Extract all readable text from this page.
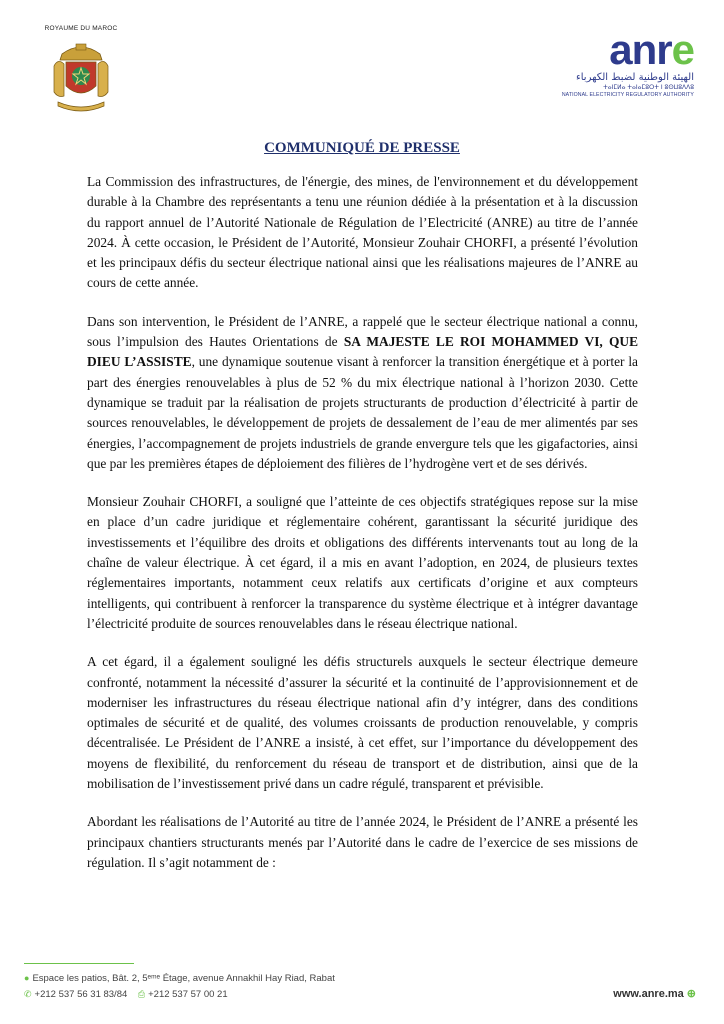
ROYAUME DU MAROC	anre
الهيئة الوطنية لضبط الكهرباء
ⵜⴰⵏⵎⵍⴰ ⵜⴰⵏⴰⵎⵓⵔⵜ ⵏ ⵓⵙⵡⵓⴷⴷⵓ
NATIONAL ELECTRICITY REGULATORY AUTHORITY
COMMUNIQUÉ DE PRESSE

La Commission des infrastructures, de l'énergie, des mines, de l'environnement et du développement durable à la Chambre des représentants a tenu une réunion dédiée à la présentation et à la discussion du rapport annuel de l’Autorité Nationale de Régulation de l’Electricité (ANRE) au titre de l’année 2024. À cette occasion, le Président de l’Autorité, Monsieur Zouhair CHORFI, a présenté l’évolution et les principaux défis du secteur électrique national ainsi que les réalisations majeures de l’ANRE au cours de cette année.

Dans son intervention, le Président de l’ANRE, a rappelé que le secteur électrique national a connu, sous l’impulsion des Hautes Orientations de SA MAJESTE LE ROI MOHAMMED VI, QUE DIEU L’ASSISTE, une dynamique soutenue visant à renforcer la transition énergétique et à porter la part des énergies renouvelables à plus de 52 % du mix électrique national à l’horizon 2030. Cette dynamique se traduit par la réalisation de projets structurants de production d’électricité à partir de sources renouvelables, le développement de projets de dessalement de l’eau de mer alimentés par ses énergies, l’accompagnement de projets industriels de grande envergure tels que les gigafactories, ainsi que par les premières étapes de déploiement des filières de l’hydrogène vert et de ses dérivés.

Monsieur Zouhair CHORFI, a souligné que l’atteinte de ces objectifs stratégiques repose sur la mise en place d’un cadre juridique et réglementaire cohérent, garantissant la sécurité juridique des investissements et l’équilibre des droits et obligations des différents intervenants tout au long de la chaîne de valeur électrique. À cet égard, il a mis en avant l’adoption, en 2024, de plusieurs textes réglementaires importants, notamment ceux relatifs aux certificats d’origine et aux compteurs intelligents, qui contribuent à renforcer la transparence du système électrique et à intégrer davantage l’électricité produite de sources renouvelables dans le réseau électrique national.

A cet égard, il a également souligné les défis structurels auxquels le secteur électrique demeure confronté, notamment la nécessité d’assurer la sécurité et la continuité de l’approvisionnement et de moderniser les infrastructures du réseau électrique national afin d’y intégrer, dans des conditions optimales de sécurité et de qualité, des volumes croissants de production renouvelable, y compris décentralisée. Le Président de l’ANRE a insisté, à cet effet, sur l’importance du développement des moyens de flexibilité, du renforcement du réseau de transport et de distribution, ainsi que de la mobilisation de l’investissement privé dans un cadre régulé, transparent et prévisible.

Abordant les réalisations de l’Autorité au titre de l’année 2024, le Président de l’ANRE a présenté les principaux chantiers structurants menés par l’Autorité dans le cadre de l’exercice de ses missions de régulation. Il s’agit notamment de :

● Espace les patios, Bât. 2, 5ᵉᵐᵉ Étage, avenue Annakhil Hay Riad, Rabat
✆ +212 537 56 31 83/84 ⎙ +212 537 57 00 21	www.anre.ma ⊕
